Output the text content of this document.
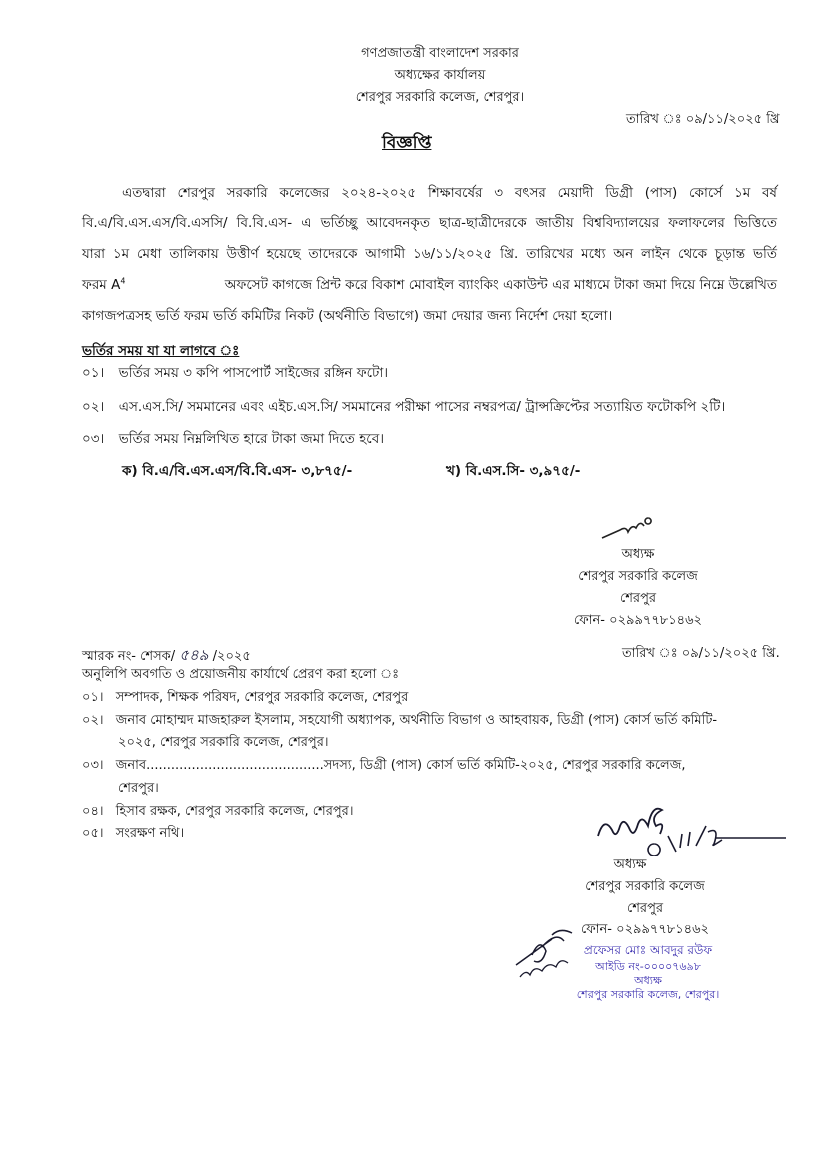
গণপ্রজাতন্ত্রী বাংলাদেশ সরকার
অধ্যক্ষের কার্যালয়
শেরপুর সরকারি কলেজ, শেরপুর।
তারিখ ঃ ০৯/১১/২০২৫ খ্রি
বিজ্ঞপ্তি
এতদ্বারা শেরপুর সরকারি কলেজের ২০২৪-২০২৫ শিক্ষাবর্ষের ৩ বৎসর মেয়াদী ডিগ্রী (পাস) কোর্সে ১ম বর্ষ
বি.এ/বি.এস.এস/বি.এসসি/ বি.বি.এস- এ ভর্তিচ্ছু আবেদনকৃত ছাত্র-ছাত্রীদেরকে জাতীয় বিশ্ববিদ্যালয়ের ফলাফলের ভিত্তিতে
যারা ১ম মেধা তালিকায় উত্তীর্ণ হয়েছে তাদেরকে আগামী ১৬/১১/২০২৫ খ্রি. তারিখের মধ্যে অন লাইন থেকে চূড়ান্ত ভর্তি
ফরম $A^4$	অফসেট কাগজে প্রিন্ট করে বিকাশ মোবাইল ব্যাংকিং একাউন্ট এর মাধ্যমে টাকা জমা দিয়ে নিম্নে উল্লেখিত
কাগজপত্রসহ ভর্তি ফরম ভর্তি কমিটির নিকট (অর্থনীতি বিভাগে) জমা দেয়ার জন্য নির্দেশ দেয়া হলো।
ভর্তির সময় যা যা লাগবে ঃ
০১। ভর্তির সময় ৩ কপি পাসপোর্ট সাইজের রঙ্গিন ফটো।
০২। এস.এস.সি/ সমমানের এবং এইচ.এস.সি/ সমমানের পরীক্ষা পাসের নম্বরপত্র/ ট্রান্সক্রিপ্টের সত্যায়িত ফটোকপি ২টি।
০৩। ভর্তির সময় নিম্নলিখিত হারে টাকা জমা দিতে হবে।
ক) বি.এ/বি.এস.এস/বি.বি.এস- ৩,৮৭৫/-	খ) বি.এস.সি- ৩,৯৭৫/-
অধ্যক্ষ
শেরপুর সরকারি কলেজ
শেরপুর
ফোন- ০২৯৯৭৭৮১৪৬২
স্মারক নং- শেসক/ ৫৪৯ /২০২৫	তারিখ ঃ ০৯/১১/২০২৫ খ্রি.
অনুলিপি অবগতি ও প্রয়োজনীয় কার্যার্থে প্রেরণ করা হলো ঃ
০১। সম্পাদক, শিক্ষক পরিষদ, শেরপুর সরকারি কলেজ, শেরপুর
০২। জনাব মোহাম্মদ মাজহারুল ইসলাম, সহযোগী অধ্যাপক, অর্থনীতি বিভাগ ও আহবায়ক, ডিগ্রী (পাস) কোর্স ভর্তি কমিটি-
২০২৫, শেরপুর সরকারি কলেজ, শেরপুর।
০৩। জনাব...........................................সদস্য, ডিগ্রী (পাস) কোর্স ভর্তি কমিটি-২০২৫, শেরপুর সরকারি কলেজ,
শেরপুর।
০৪। হিসাব রক্ষক, শেরপুর সরকারি কলেজ, শেরপুর।
০৫। সংরক্ষণ নথি।
অধ্যক্ষ
শেরপুর সরকারি কলেজ
শেরপুর
ফোন- ০২৯৯৭৭৮১৪৬২
প্রফেসর মোঃ আবদুর রউফ
আইডি নং-০০০০৭৬৯৮
অধ্যক্ষ
শেরপুর সরকারি কলেজ, শেরপুর।
